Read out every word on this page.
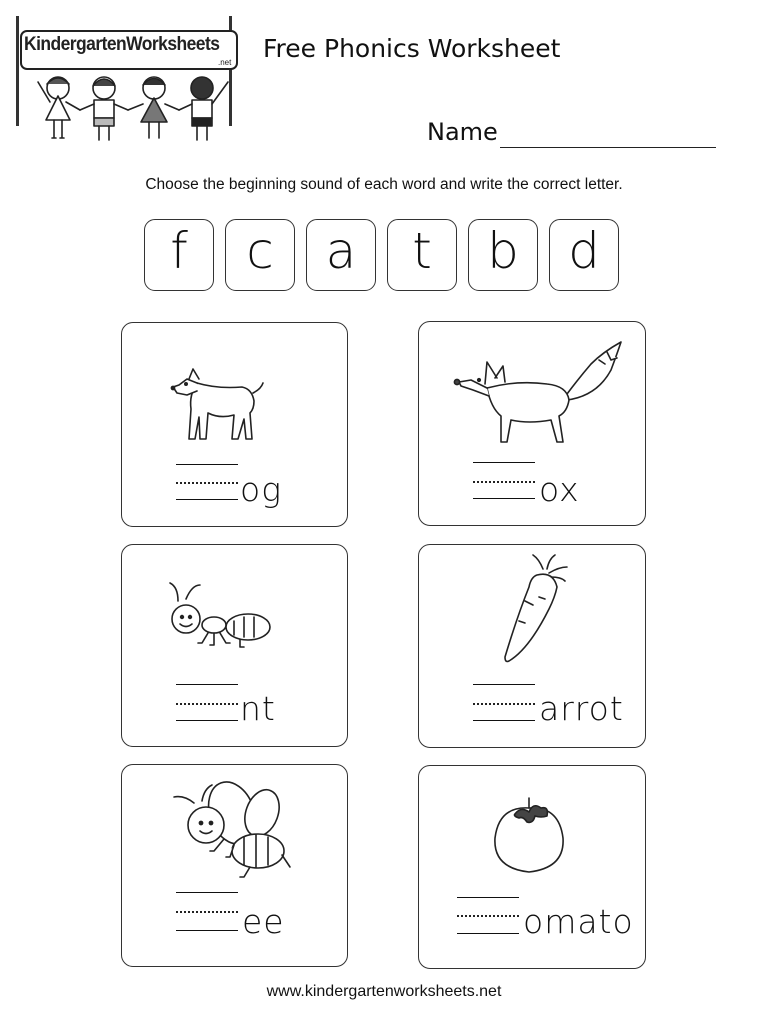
KindergartenWorksheets
.net Free Phonics Worksheet
Name
Choose the beginning sound of each word and write the correct letter.
f	c	a	t	b d
og	ox
nt	arrot
ee	omato
www.kindergartenworksheets.net
